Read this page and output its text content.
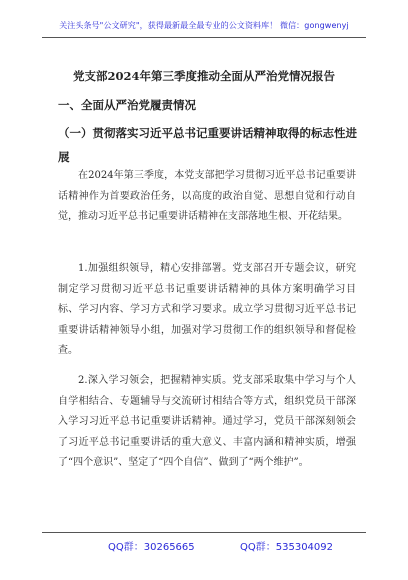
关注头条号"公文研究"，获得最新最全最专业的公文资料库！ 微信：gongwenyj
党支部2024年第三季度推动全面从严治党情况报告
一、全面从严治党履责情况
（一）贯彻落实习近平总书记重要讲话精神取得的标志性进展
在2024年第三季度，本党支部把学习贯彻习近平总书记重要讲话精神作为首要政治任务，以高度的政治自觉、思想自觉和行动自觉，推动习近平总书记重要讲话精神在支部落地生根、开花结果。
1.加强组织领导，精心安排部署。党支部召开专题会议，研究制定学习贯彻习近平总书记重要讲话精神的具体方案明确学习目标、学习内容、学习方式和学习要求。成立学习贯彻习近平总书记重要讲话精神领导小组，加强对学习贯彻工作的组织领导和督促检查。
2.深入学习领会，把握精神实质。党支部采取集中学习与个人自学相结合、专题辅导与交流研讨相结合等方式，组织党员干部深入学习习近平总书记重要讲话精神。通过学习，党员干部深刻领会了习近平总书记重要讲话的重大意义、丰富内涵和精神实质，增强了“四个意识”、坚定了“四个自信”、做到了“两个维护”。
QQ群：30265665	QQ群：535304092
